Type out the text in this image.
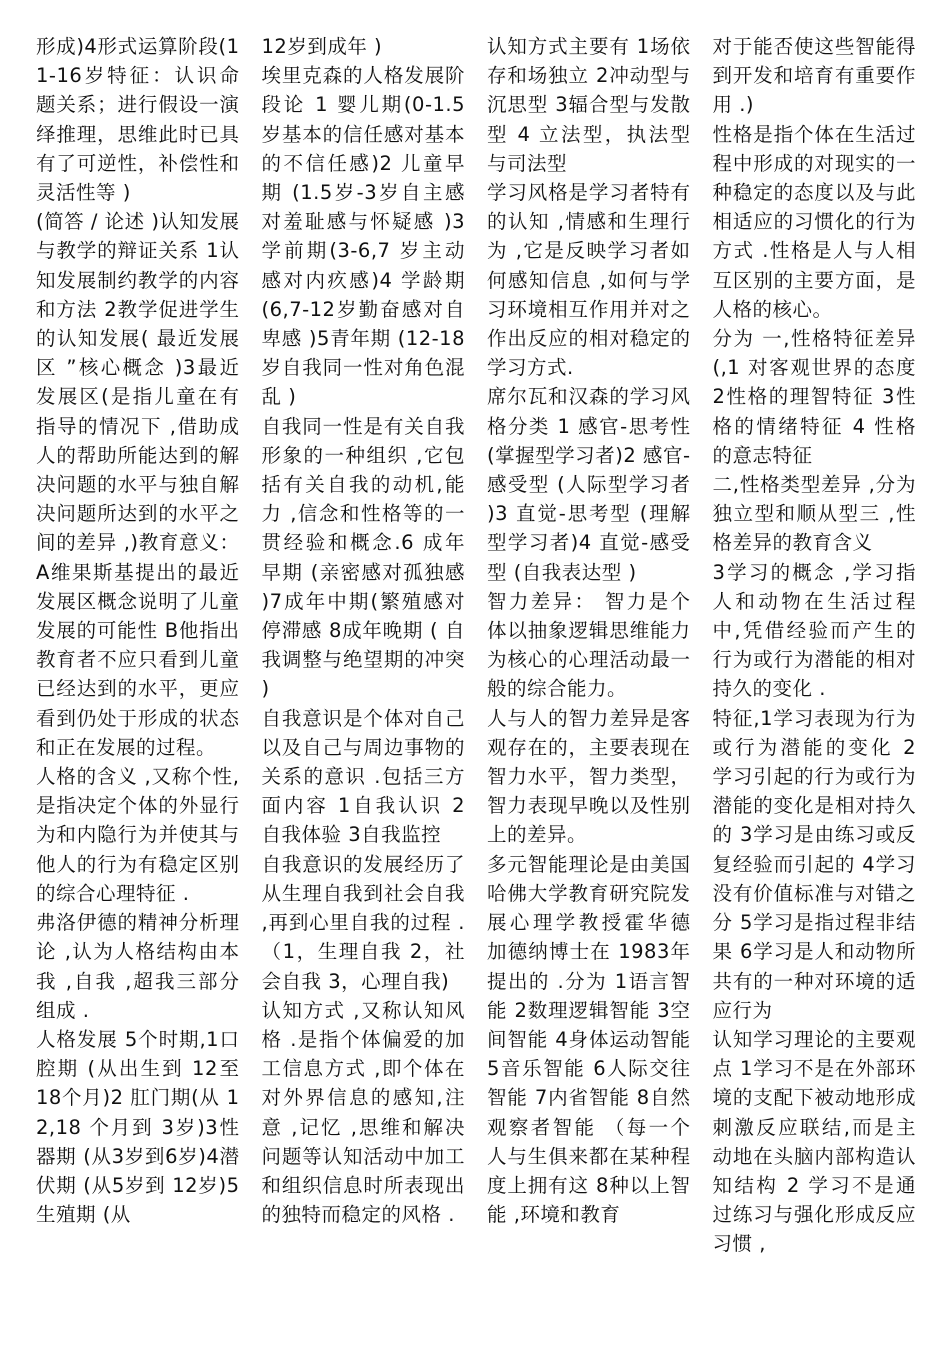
形成)4形式运算阶段(11-16岁特征：认识命题关系；进行假设一演绎推理，思维此时已具有了可逆性，补偿性和灵活性等 )

(简答 / 论述 )认知发展与教学的辩证关系 1认知发展制约教学的内容和方法 2教学促进学生的认知发展( 最近发展区 ”核心概念 )3最近发展区(是指儿童在有指导的情况下 ,借助成人的帮助所能达到的解决问题的水平与独自解决问题所达到的水平之间的差异 ,)教育意义：A维果斯基提出的最近发展区概念说明了儿童发展的可能性 B他指出教育者不应只看到儿童已经达到的水平，更应看到仍处于形成的状态和正在发展的过程。

人格的含义 ,又称个性,是指决定个体的外显行为和内隐行为并使其与他人的行为有稳定区别的综合心理特征 .

弗洛伊德的精神分析理论 ,认为人格结构由本我 ,自我 ,超我三部分组成 .

人格发展 5个时期,1口腔期 (从出生到 12至 18个月)2 肛门期(从 12,18 个月到 3岁)3性器期 (从3岁到6岁)4潜伏期 (从5岁到 12岁)5生殖期 (从

12岁到成年 )

埃里克森的人格发展阶段论 1 婴儿期(0-1.5 岁基本的信任感对基本的不信任感)2 儿童早期 (1.5岁-3岁自主感对羞耻感与怀疑感 )3 学前期(3-6,7 岁主动感对内疚感)4 学龄期 (6,7-12岁勤奋感对自卑感 )5青年期 (12-18岁自我同一性对角色混乱 )

自我同一性是有关自我形象的一种组织 ,它包括有关自我的动机,能力 ,信念和性格等的一贯经验和概念.6 成年早期 (亲密感对孤独感 )7成年中期(繁殖感对停滞感 8成年晚期 ( 自我调整与绝望期的冲突 )

自我意识是个体对自己以及自己与周边事物的关系的意识 .包括三方面内容 1自我认识 2 自我体验 3自我监控

自我意识的发展经历了从生理自我到社会自我 ,再到心里自我的过程 .（1，生理自我 2，社会自我 3，心理自我)

认知方式 ,又称认知风格 .是指个体偏爱的加工信息方式 ,即个体在对外界信息的感知,注意 ,记忆 ,思维和解决问题等认知活动中加工和组织信息时所表现出的独特而稳定的风格 .

认知方式主要有 1场依存和场独立 2冲动型与沉思型 3辐合型与发散型 4 立法型，执法型与司法型

学习风格是学习者特有的认知 ,情感和生理行为 ,它是反映学习者如何感知信息 ,如何与学习环境相互作用并对之作出反应的相对稳定的学习方式.

席尔瓦和汉森的学习风格分类 1 感官-思考性 (掌握型学习者)2 感官-感受型 (人际型学习者 )3 直觉-思考型 (理解型学习者)4 直觉-感受型 (自我表达型 )

智力差异： 智力是个体以抽象逻辑思维能力为核心的心理活动最一般的综合能力。

人与人的智力差异是客观存在的，主要表现在智力水平，智力类型，智力表现早晚以及性别上的差异。

多元智能理论是由美国哈佛大学教育研究院发展心理学教授霍华德 加德纳博士在 1983年提出的 .分为 1语言智能 2数理逻辑智能 3空间智能 4身体运动智能 5音乐智能 6人际交往智能 7内省智能 8自然观察者智能 （每一个人与生俱来都在某种程度上拥有这 8种以上智能 ,环境和教育

对于能否使这些智能得到开发和培育有重要作用 .)

性格是指个体在生活过程中形成的对现实的一种稳定的态度以及与此相适应的习惯化的行为方式 .性格是人与人相互区别的主要方面，是人格的核心。

分为 一,性格特征差异(,1 对客观世界的态度 2性格的理智特征 3性格的情绪特征 4 性格的意志特征

二,性格类型差异 ,分为独立型和顺从型三 ,性格差异的教育含义

3学习的概念 ,学习指人和动物在生活过程中,凭借经验而产生的行为或行为潜能的相对持久的变化 .

特征,1学习表现为行为或行为潜能的变化 2 学习引起的行为或行为潜能的变化是相对持久的 3学习是由练习或反复经验而引起的 4学习没有价值标准与对错之分 5学习是指过程非结果 6学习是人和动物所共有的一种对环境的适应行为

认知学习理论的主要观点 1学习不是在外部环境的支配下被动地形成刺激反应联结,而是主动地在头脑内部构造认知结构 2 学习不是通过练习与强化形成反应习惯 ,
